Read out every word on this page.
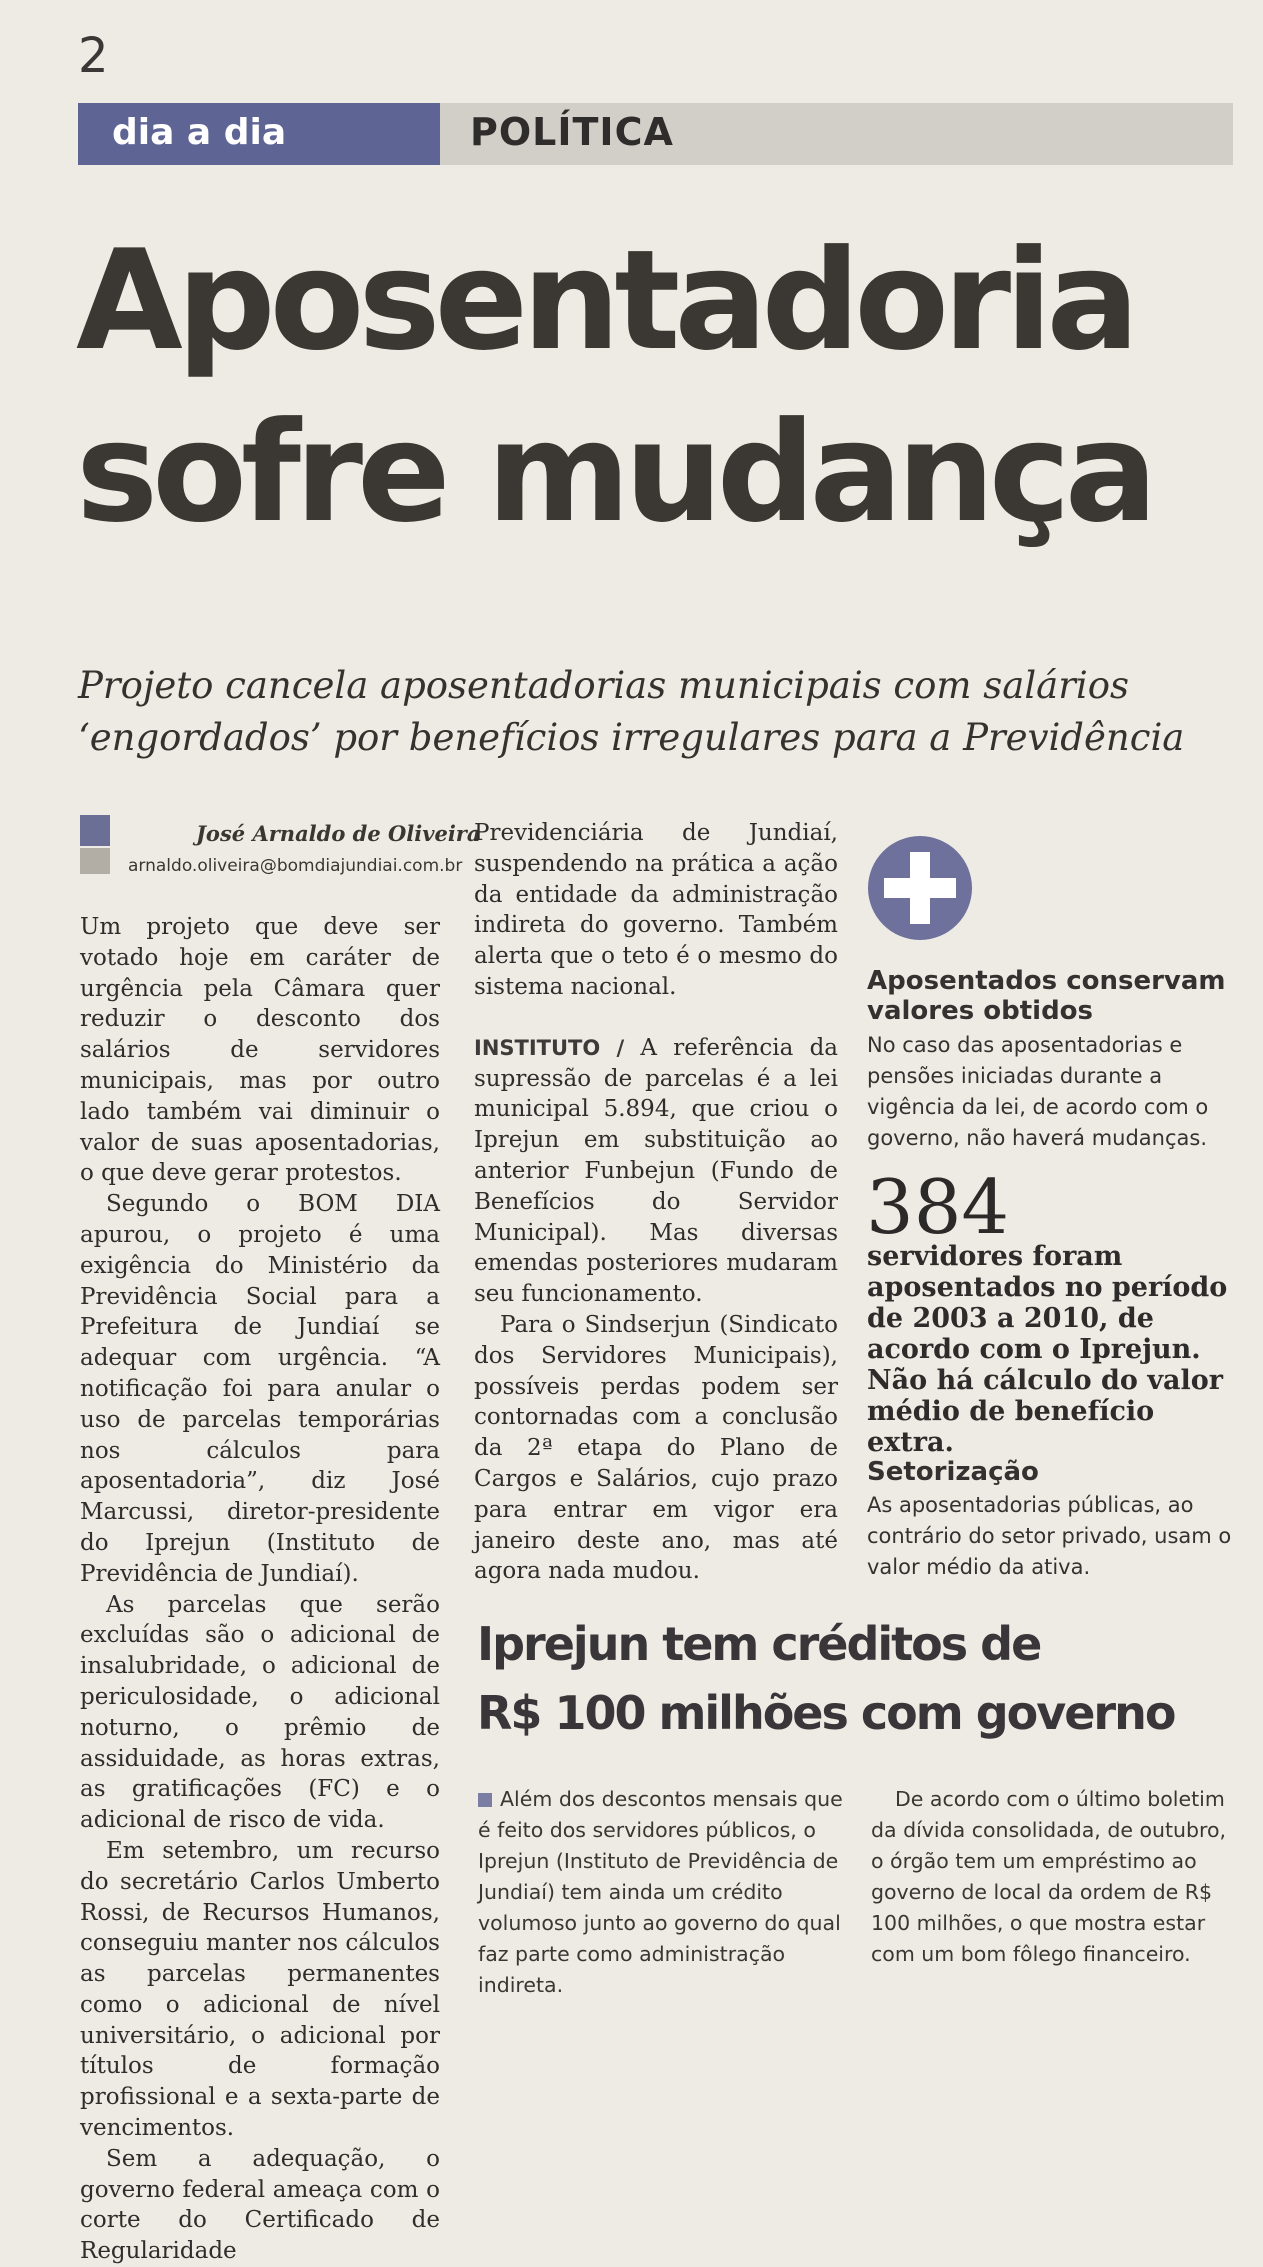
2
dia a dia	POLÍTICA
Aposentadoria
sofre mudança

Projeto cancela aposentadorias municipais com salários ‘engordados’ por benefícios irregulares para a Previdência

José Arnaldo de Oliveira
arnaldo.oliveira@bomdiajundiai.com.br

Um projeto que deve ser votado hoje em caráter de urgência pela Câmara quer reduzir o desconto dos salários de servidores municipais, mas por outro lado também vai diminuir o valor de suas aposentadorias, o que deve gerar protestos.

Segundo o BOM DIA apurou, o projeto é uma exigência do Ministério da Previdência Social para a Prefeitura de Jundiaí se adequar com urgência. “A notificação foi para anular o uso de parcelas temporárias nos cálculos para aposentadoria”, diz José Marcussi, diretor-presidente do Iprejun (Instituto de Previdência de Jundiaí).

As parcelas que serão excluídas são o adicional de insalubridade, o adicional de periculosidade, o adicional noturno, o prêmio de assiduidade, as horas extras, as gratificações (FC) e o adicional de risco de vida.

Em setembro, um recurso do secretário Carlos Umberto Rossi, de Recursos Humanos, conseguiu manter nos cálculos as parcelas permanentes como o adicional de nível universitário, o adicional por títulos de formação profissional e a sexta-parte de vencimentos.

Sem a adequação, o governo federal ameaça com o corte do Certificado de Regularidade

Previdenciária de Jundiaí, suspendendo na prática a ação da entidade da administração indireta do governo. Também alerta que o teto é o mesmo do sistema nacional.

INSTITUTO / A referência da supressão de parcelas é a lei municipal 5.894, que criou o Iprejun em substituição ao anterior Funbejun (Fundo de Benefícios do Servidor Municipal). Mas diversas emendas posteriores mudaram seu funcionamento.

Para o Sindserjun (Sindicato dos Servidores Municipais), possíveis perdas podem ser contornadas com a conclusão da 2ª etapa do Plano de Cargos e Salários, cujo prazo para entrar em vigor era janeiro deste ano, mas até agora nada mudou.

Aposentados conservam valores obtidos
No caso das aposentadorias e pensões iniciadas durante a vigência da lei, de acordo com o governo, não haverá mudanças.
384
servidores foram aposentados no período de 2003 a 2010, de acordo com o Iprejun. Não há cálculo do valor médio de benefício extra.
Setorização
As aposentadorias públicas, ao contrário do setor privado, usam o valor médio da ativa.
Iprejun tem créditos de
R$ 100 milhões com governo

Além dos descontos mensais que é feito dos servidores públicos, o Iprejun (Instituto de Previdência de Jundiaí) tem ainda um crédito volumoso junto ao governo do qual faz parte como administração indireta.

De acordo com o último boletim da dívida consolidada, de outubro, o órgão tem um empréstimo ao governo de local da ordem de R$ 100 milhões, o que mostra estar com um bom fôlego financeiro.
